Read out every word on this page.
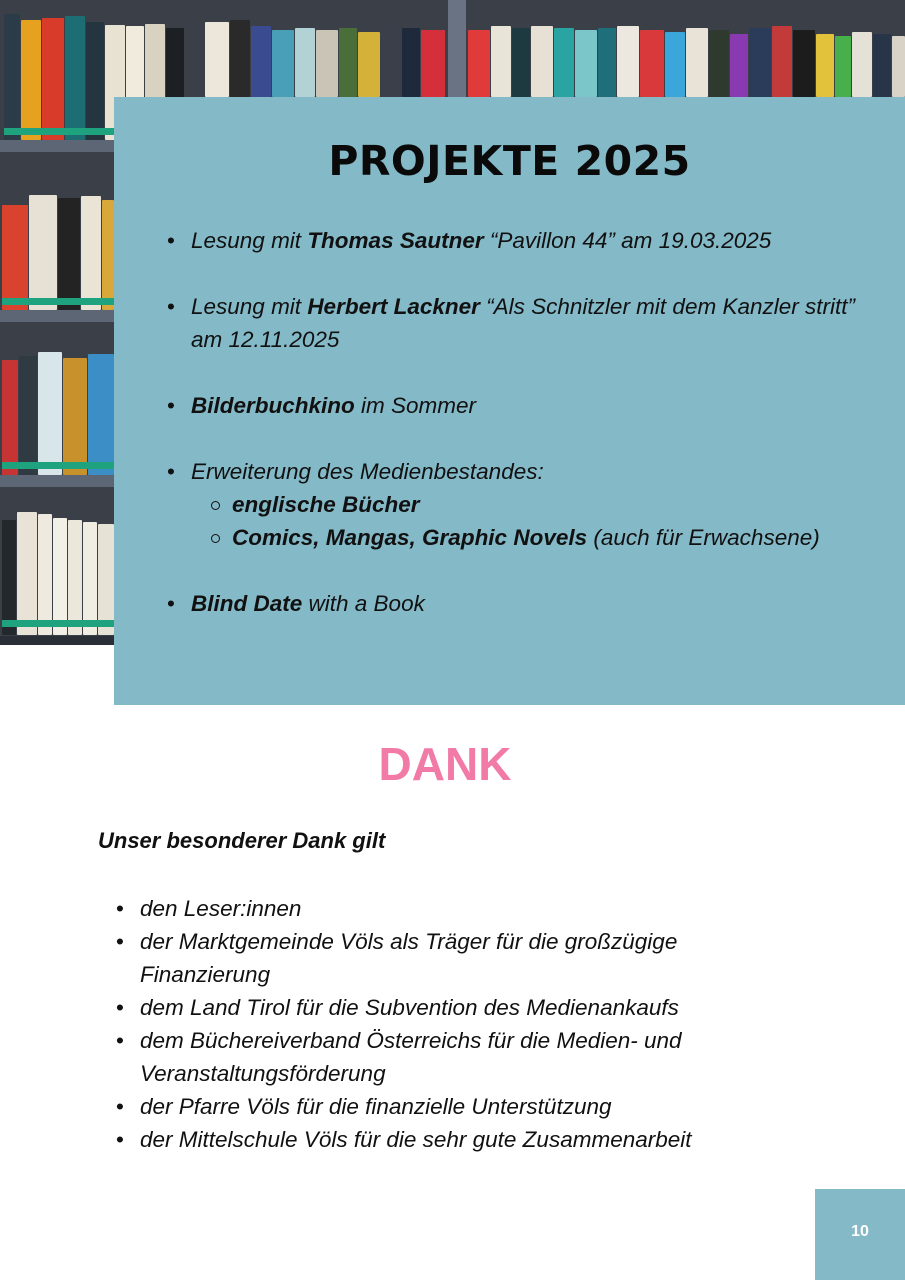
PROJEKTE 2025
• Lesung mit Thomas Sautner “Pavillon 44” am 19.03.2025
• Lesung mit Herbert Lackner “Als Schnitzler mit dem Kanzler stritt” am 12.11.2025
• Bilderbuchkino im Sommer
• Erweiterung des Medienbestandes:
englische Bücher
Comics, Mangas, Graphic Novels (auch für Erwachsene)
• Blind Date with a Book
DANK

Unser besonderer Dank gilt

• den Leser:innen
• der Marktgemeinde Völs als Träger für die großzügige Finanzierung
• dem Land Tirol für die Subvention des Medienankaufs
• dem Büchereiverband Österreichs für die Medien- und Veranstaltungsförderung
• der Pfarre Völs für die finanzielle Unterstützung
• der Mittelschule Völs für die sehr gute Zusammenarbeit
10
